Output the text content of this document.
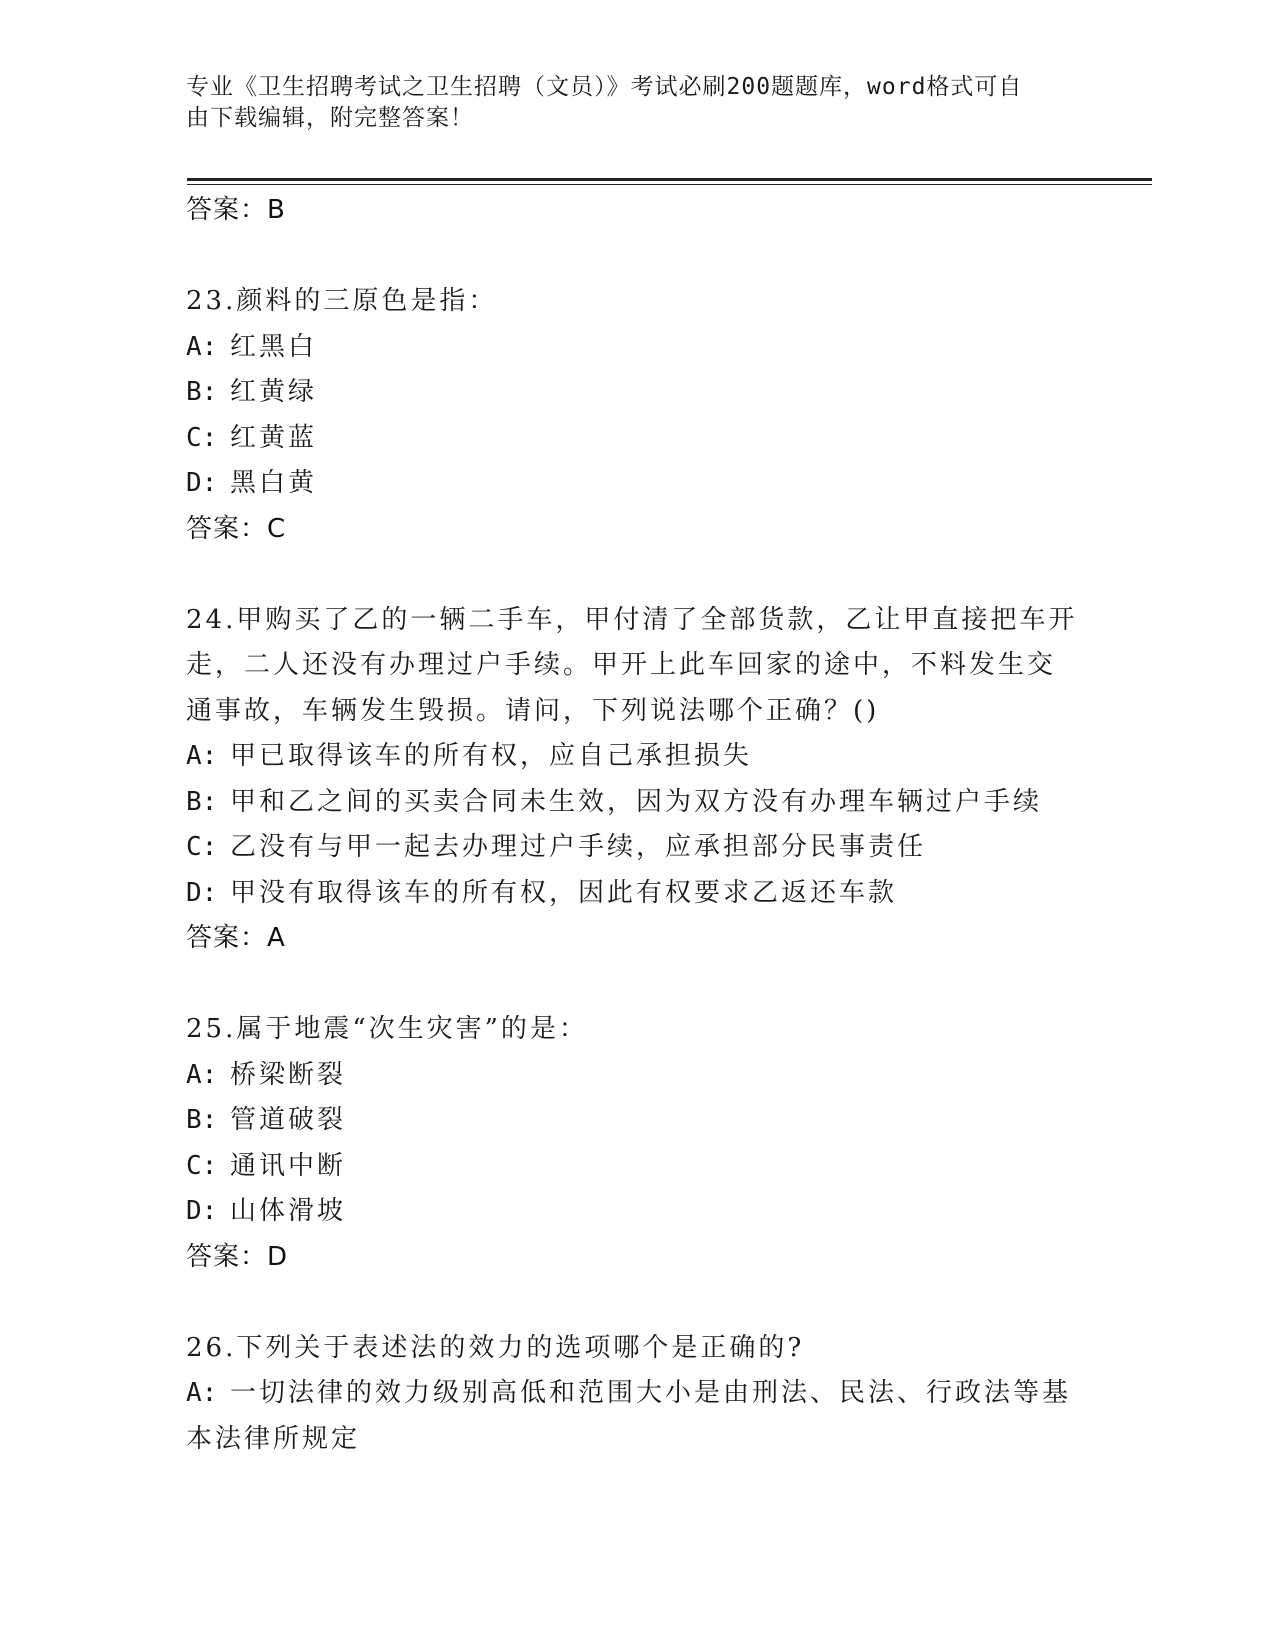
专业《卫生招聘考试之卫生招聘（文员）》考试必刷200题题库，word格式可自
由下载编辑，附完整答案！
答案：B
23.颜料的三原色是指：
A: 红黑白
B: 红黄绿
C: 红黄蓝
D: 黑白黄
答案：C
24.甲购买了乙的一辆二手车，甲付清了全部货款，乙让甲直接把车开
走，二人还没有办理过户手续。甲开上此车回家的途中，不料发生交
通事故，车辆发生毁损。请问，下列说法哪个正确？()
A: 甲已取得该车的所有权，应自己承担损失
B: 甲和乙之间的买卖合同未生效，因为双方没有办理车辆过户手续
C: 乙没有与甲一起去办理过户手续，应承担部分民事责任
D: 甲没有取得该车的所有权，因此有权要求乙返还车款
答案：A
25.属于地震“次生灾害”的是：
A: 桥梁断裂
B: 管道破裂
C: 通讯中断
D: 山体滑坡
答案：D
26.下列关于表述法的效力的选项哪个是正确的?
A: 一切法律的效力级别高低和范围大小是由刑法、民法、行政法等基
本法律所规定
